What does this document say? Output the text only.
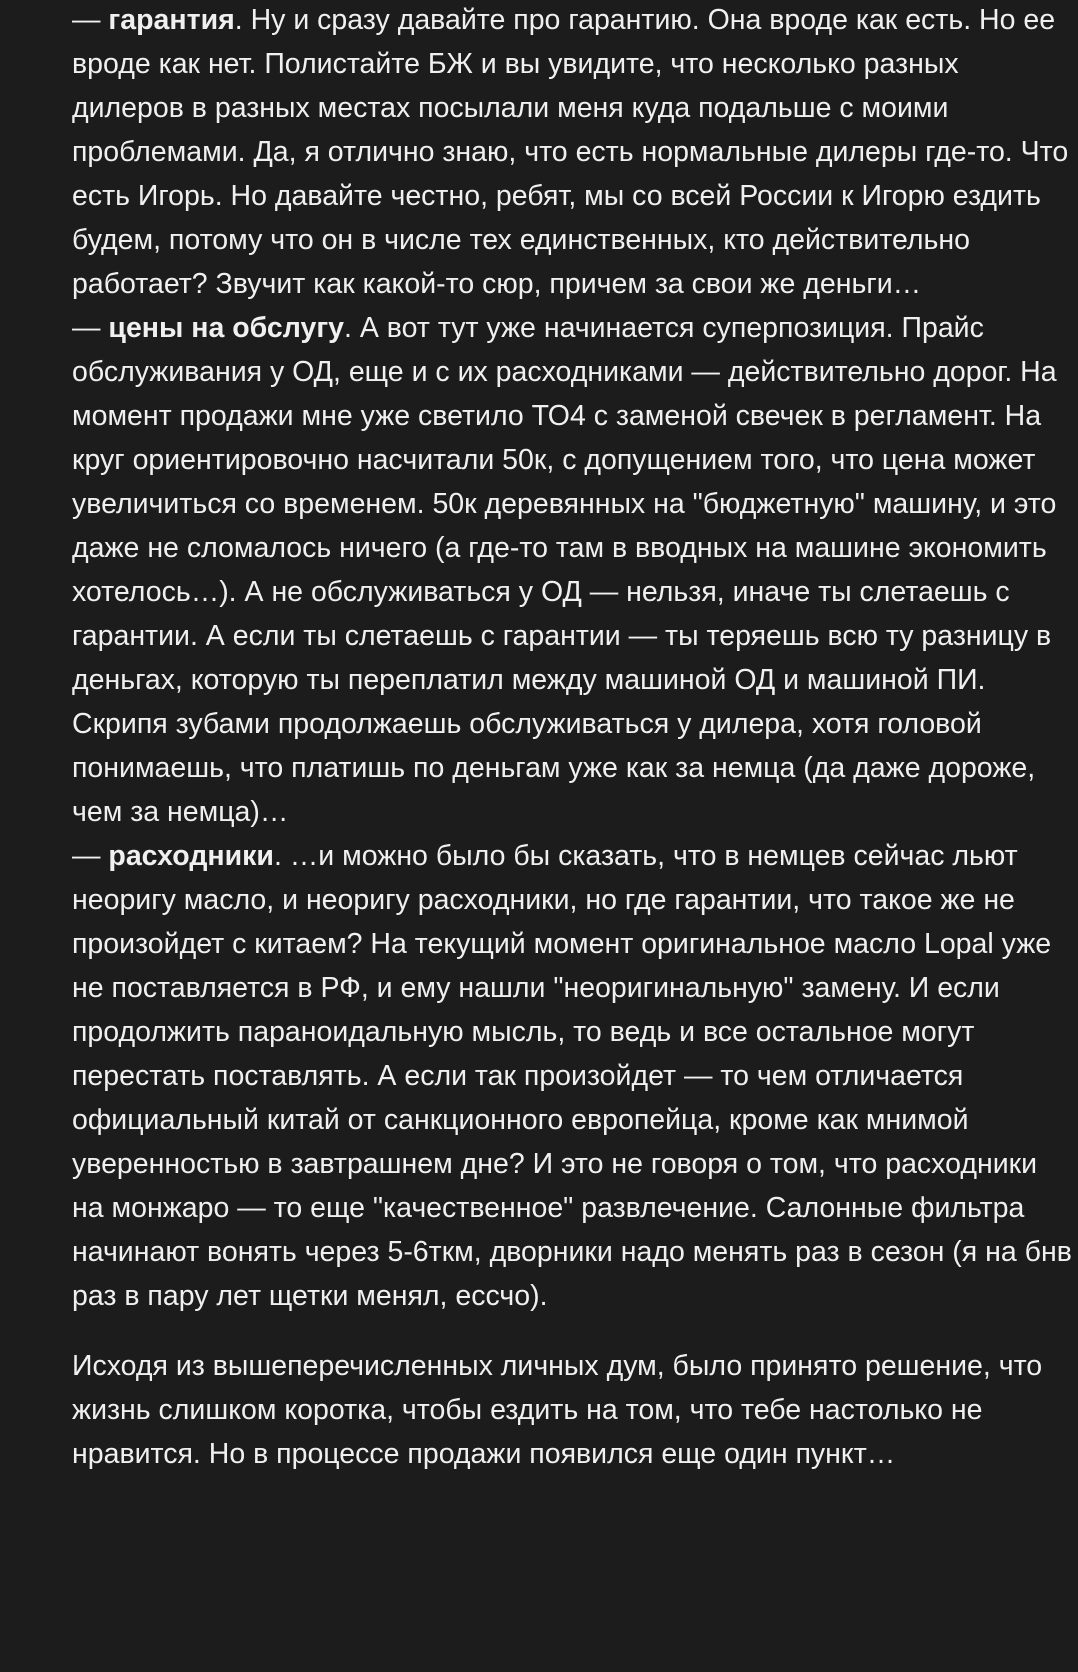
— гарантия. Ну и сразу давайте про гарантию. Она вроде как есть. Но ее вроде как нет. Полистайте БЖ и вы увидите, что несколько разных дилеров в разных местах посылали меня куда подальше с моими проблемами. Да, я отлично знаю, что есть нормальные дилеры где-то. Что есть Игорь. Но давайте честно, ребят, мы со всей России к Игорю ездить будем, потому что он в числе тех единственных, кто действительно работает? Звучит как какой-то сюр, причем за свои же деньги…

— цены на обслугу. А вот тут уже начинается суперпозиция. Прайс обслуживания у ОД, еще и с их расходниками — действительно дорог. На момент продажи мне уже светило ТО4 с заменой свечек в регламент. На круг ориентировочно насчитали 50к, с допущением того, что цена может увеличиться со временем. 50к деревянных на "бюджетную" машину, и это даже не сломалось ничего (а где-то там в вводных на машине экономить хотелось…). А не обслуживаться у ОД — нельзя, иначе ты слетаешь с гарантии. А если ты слетаешь с гарантии — ты теряешь всю ту разницу в деньгах, которую ты переплатил между машиной ОД и машиной ПИ. Скрипя зубами продолжаешь обслуживаться у дилера, хотя головой понимаешь, что платишь по деньгам уже как за немца (да даже дороже, чем за немца)…

— расходники. …и можно было бы сказать, что в немцев сейчас льют неоригу масло, и неоригу расходники, но где гарантии, что такое же не произойдет с китаем? На текущий момент оригинальное масло Lopal уже не поставляется в РФ, и ему нашли "неоригинальную" замену. И если продолжить параноидальную мысль, то ведь и все остальное могут перестать поставлять. А если так произойдет — то чем отличается официальный китай от санкционного европейца, кроме как мнимой уверенностью в завтрашнем дне? И это не говоря о том, что расходники на монжаро — то еще "качественное" развлечение. Салонные фильтра начинают вонять через 5-6ткм, дворники надо менять раз в сезон (я на бнв раз в пару лет щетки менял, ессчо).

Исходя из вышеперечисленных личных дум, было принято решение, что жизнь слишком коротка, чтобы ездить на том, что тебе настолько не нравится. Но в процессе продажи появился еще один пункт…
